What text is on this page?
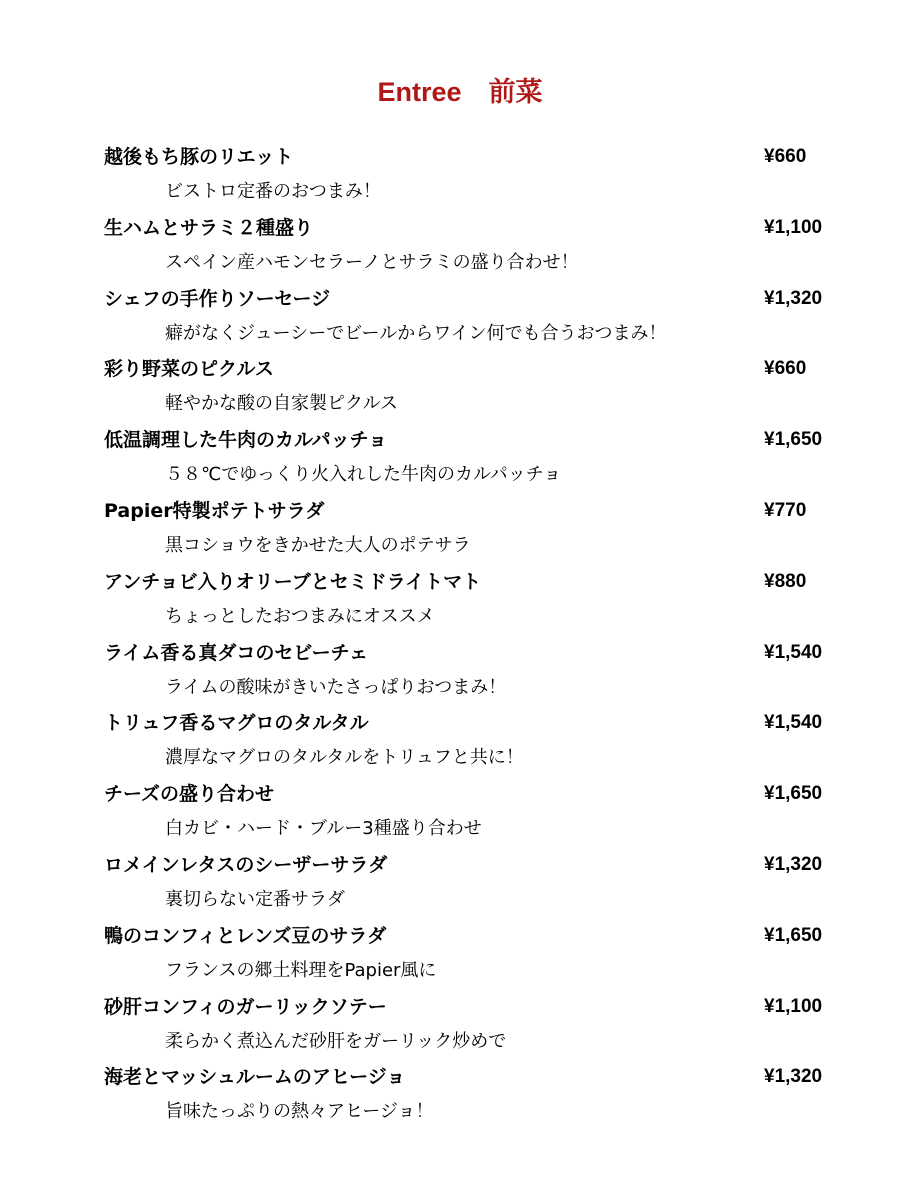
Entree　前菜
越後もち豚のリエット	¥660
ビストロ定番のおつまみ！
生ハムとサラミ２種盛り	¥1,100
スペイン産ハモンセラーノとサラミの盛り合わせ！
シェフの手作りソーセージ	¥1,320
癖がなくジューシーでビールからワイン何でも合うおつまみ！
彩り野菜のピクルス	¥660
軽やかな酸の自家製ピクルス
低温調理した牛肉のカルパッチョ	¥1,650
５８℃でゆっくり火入れした牛肉のカルパッチョ
Papier特製ポテトサラダ	¥770
黒コショウをきかせた大人のポテサラ
アンチョビ入りオリーブとセミドライトマト	¥880
ちょっとしたおつまみにオススメ
ライム香る真ダコのセビーチェ	¥1,540
ライムの酸味がきいたさっぱりおつまみ！
トリュフ香るマグロのタルタル	¥1,540
濃厚なマグロのタルタルをトリュフと共に！
チーズの盛り合わせ	¥1,650
白カビ・ハード・ブルー3種盛り合わせ
ロメインレタスのシーザーサラダ	¥1,320
裏切らない定番サラダ
鴨のコンフィとレンズ豆のサラダ	¥1,650
フランスの郷土料理をPapier風に
砂肝コンフィのガーリックソテー	¥1,100
柔らかく煮込んだ砂肝をガーリック炒めで
海老とマッシュルームのアヒージョ	¥1,320
旨味たっぷりの熱々アヒージョ！
